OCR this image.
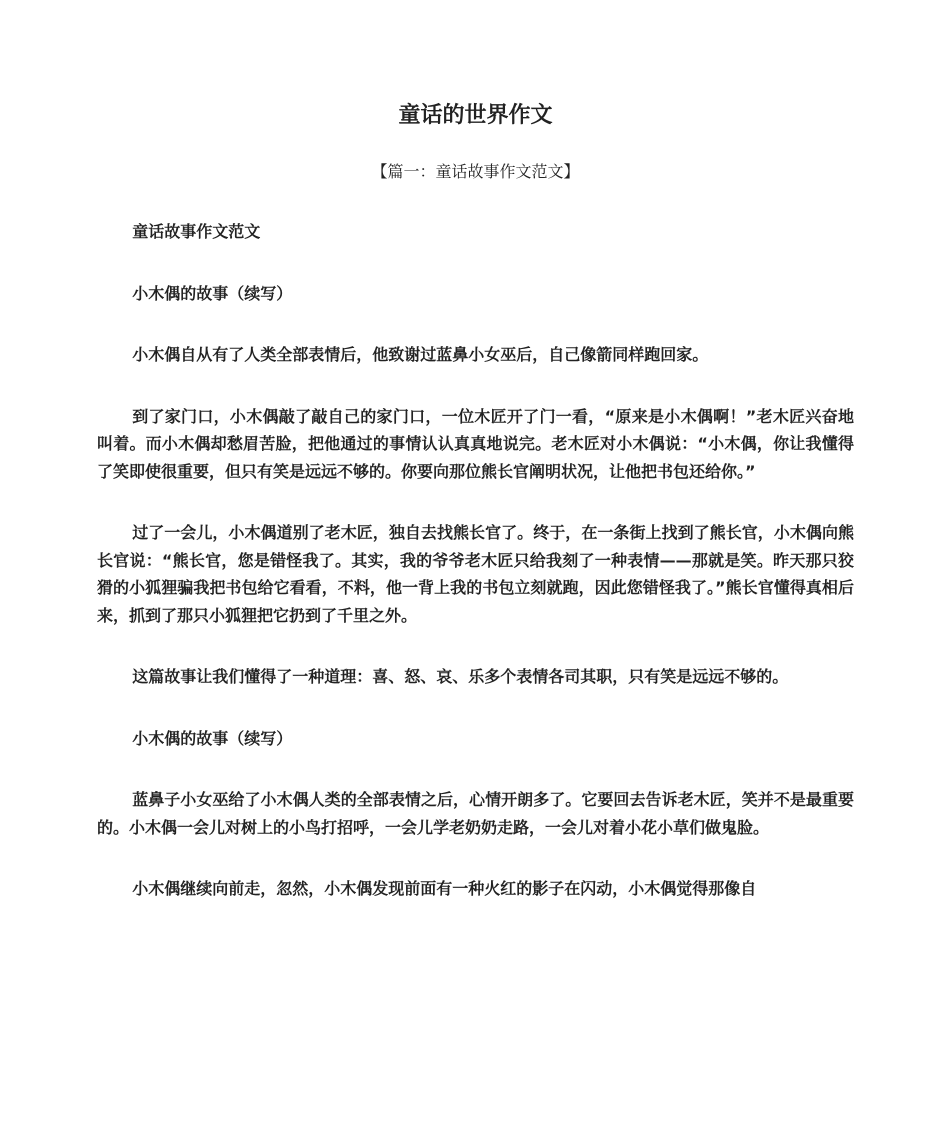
童话的世界作文
【篇一：童话故事作文范文】

童话故事作文范文

小木偶的故事（续写）

小木偶自从有了人类全部表情后，他致谢过蓝鼻小女巫后，自己像箭同样跑回家。

到了家门口，小木偶敲了敲自己的家门口，一位木匠开了门一看，“原来是小木偶啊！”老木匠兴奋地叫着。而小木偶却愁眉苦脸，把他通过的事情认认真真地说完。老木匠对小木偶说：“小木偶，你让我懂得了笑即使很重要，但只有笑是远远不够的。你要向那位熊长官阐明状况，让他把书包还给你。”

过了一会儿，小木偶道别了老木匠，独自去找熊长官了。终于，在一条街上找到了熊长官，小木偶向熊长官说：“熊长官，您是错怪我了。其实，我的爷爷老木匠只给我刻了一种表情——那就是笑。昨天那只狡猾的小狐狸骗我把书包给它看看，不料，他一背上我的书包立刻就跑，因此您错怪我了。”熊长官懂得真相后来，抓到了那只小狐狸把它扔到了千里之外。

这篇故事让我们懂得了一种道理：喜、怒、哀、乐多个表情各司其职，只有笑是远远不够的。

小木偶的故事（续写）

蓝鼻子小女巫给了小木偶人类的全部表情之后，心情开朗多了。它要回去告诉老木匠，笑并不是最重要的。小木偶一会儿对树上的小鸟打招呼，一会儿学老奶奶走路，一会儿对着小花小草们做鬼脸。

小木偶继续向前走，忽然，小木偶发现前面有一种火红的影子在闪动，小木偶觉得那像自
